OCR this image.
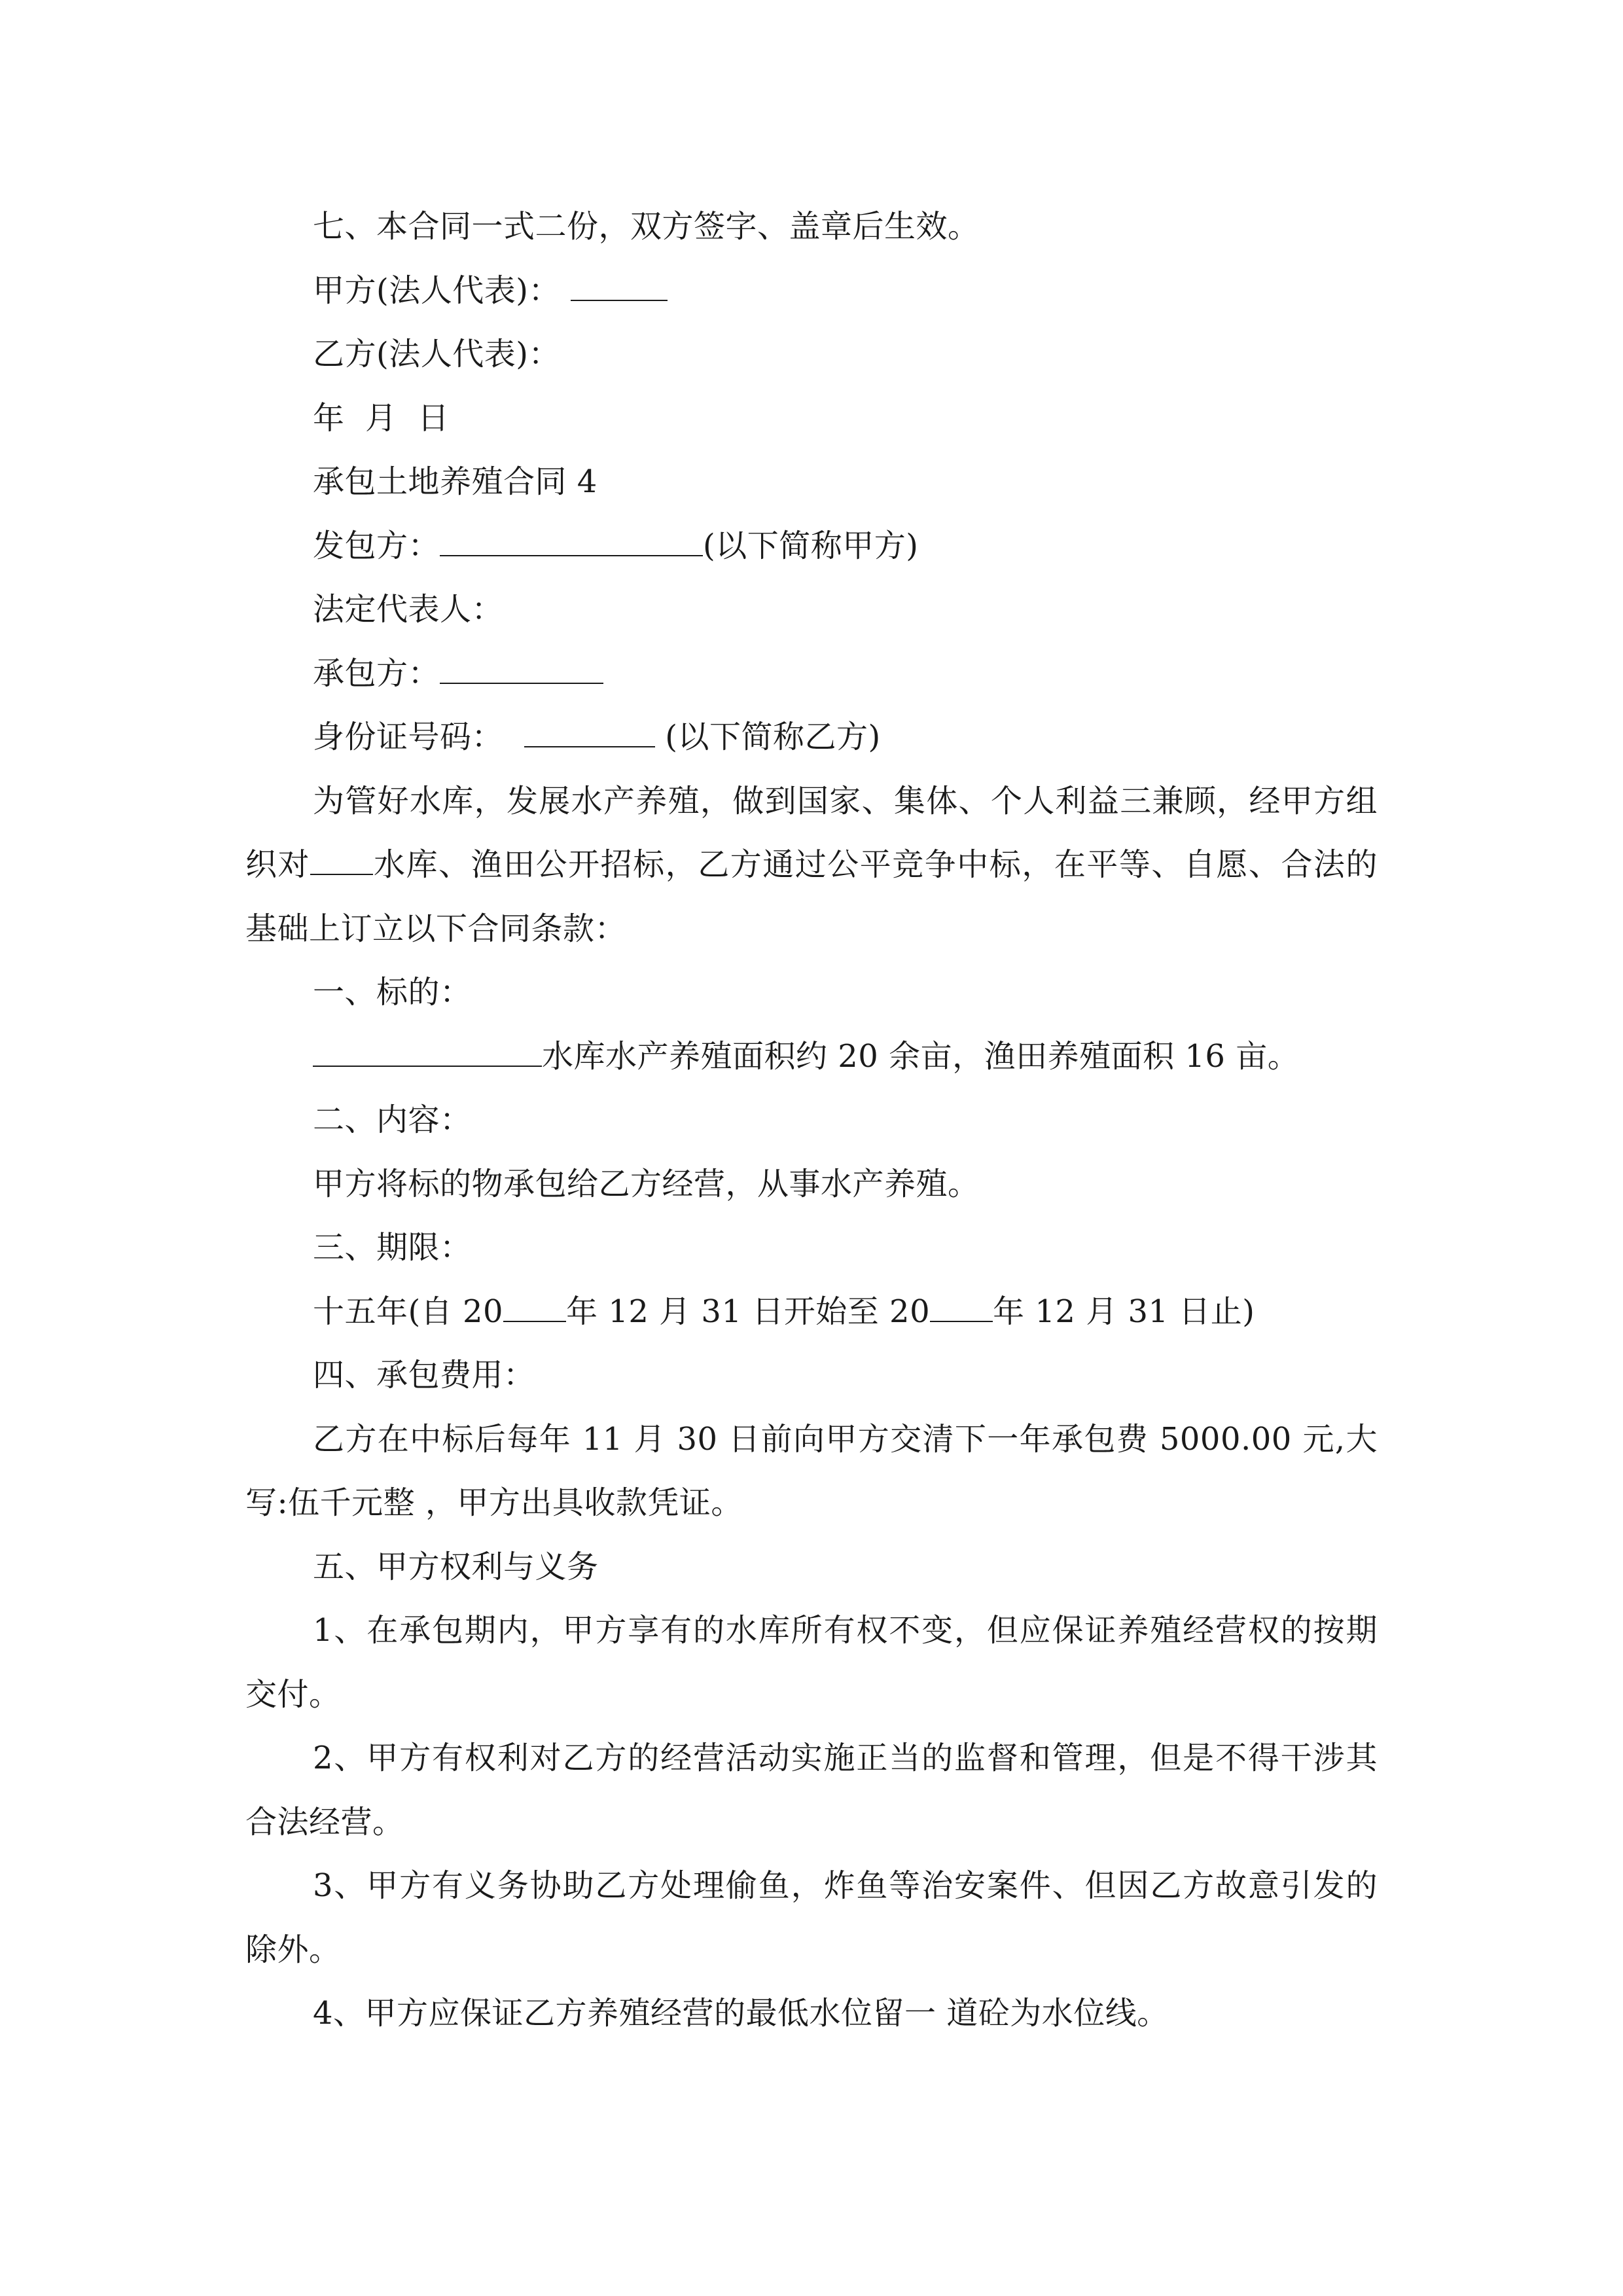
七、本合同一式二份，双方签字、盖章后生效。
甲方(法人代表)：
乙方(法人代表)：
年  月  日
承包土地养殖合同 4
发包方：	(以下简称甲方)
法定代表人：
承包方：
身份证号码：	(以下简称乙方)
为管好水库，发展水产养殖，做到国家、集体、个人利益三兼顾，经甲方组织对 水库、渔田公开招标，乙方通过公平竞争中标，在平等、自愿、合法的基础上订立以下合同条款：
一、标的：
水库水产养殖面积约 20 余亩，渔田养殖面积 16 亩。
二、内容：
甲方将标的物承包给乙方经营，从事水产养殖。
三、期限：
十五年(自 20 年 12 月 31 日开始至 20 年 12 月 31 日止)
四、承包费用：
乙方在中标后每年 11 月 30 日前向甲方交清下一年承包费 5000.00 元,大写:伍千元整 ，甲方出具收款凭证。
五、甲方权利与义务
1、在承包期内，甲方享有的水库所有权不变，但应保证养殖经营权的按期交付。
2、甲方有权利对乙方的经营活动实施正当的监督和管理，但是不得干涉其合法经营。
3、甲方有义务协助乙方处理偷鱼，炸鱼等治安案件、但因乙方故意引发的除外。
4、甲方应保证乙方养殖经营的最低水位留一 道砼为水位线。
